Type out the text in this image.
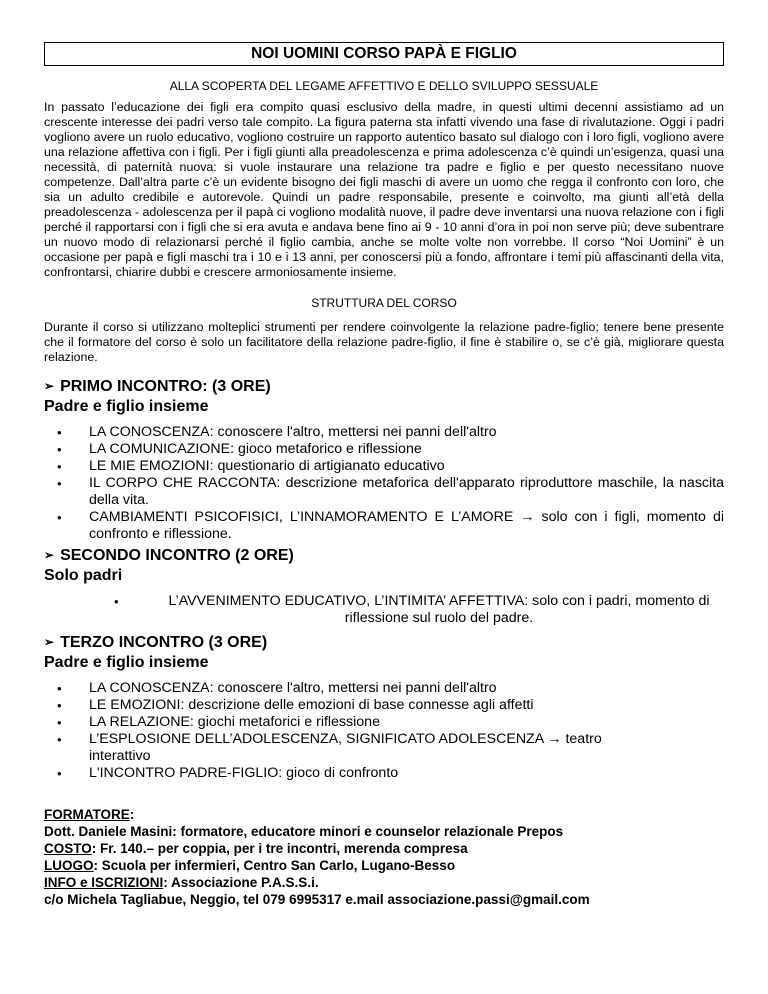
NOI UOMINI CORSO PAPÀ E FIGLIO
ALLA SCOPERTA DEL LEGAME AFFETTIVO E DELLO SVILUPPO SESSUALE
In passato l’educazione dei figli era compito quasi esclusivo della madre, in questi ultimi decenni assistiamo ad un crescente interesse dei padri verso tale compito. La figura paterna sta infatti vivendo una fase di rivalutazione. Oggi i padri vogliono avere un ruolo educativo, vogliono costruire un rapporto autentico basato sul dialogo con i loro figli, vogliono avere una relazione affettiva con i figli. Per i figli giunti alla preadolescenza e prima adolescenza c’è quindi un’esigenza, quasi una necessità, di paternità nuova: si vuole instaurare una relazione tra padre e figlio e per questo necessitano nuove competenze. Dall’altra parte c’è un evidente bisogno dei figli maschi di avere un uomo che regga il confronto con loro, che sia un adulto credibile e autorevole. Quindi un padre responsabile, presente e coinvolto, ma giunti all’età della preadolescenza - adolescenza per il papà ci vogliono modalità nuove, il padre deve inventarsi una nuova relazione con i figli perché il rapportarsi con i figli che si era avuta e andava bene fino ai 9 - 10 anni d’ora in poi non serve più; deve subentrare un nuovo modo di relazionarsi perché il figlio cambia, anche se molte volte non vorrebbe. Il corso “Noi Uomini” è un occasione per papà e figli maschi tra i 10 e i 13 anni, per conoscersi più a fondo, affrontare i temi più affascinanti della vita, confrontarsi, chiarire dubbi e crescere armoniosamente insieme.
STRUTTURA DEL CORSO
Durante il corso si utilizzano molteplici strumenti per rendere coinvolgente la relazione padre-figlio; tenere bene presente che il formatore del corso è solo un facilitatore della relazione padre-figlio, il fine è stabilire o, se c’è già, migliorare questa relazione.
➢ PRIMO INCONTRO: (3 ORE)
Padre e figlio insieme
• LA CONOSCENZA: conoscere l'altro, mettersi nei panni dell'altro
• LA COMUNICAZIONE: gioco metaforico e riflessione
• LE MIE EMOZIONI: questionario di artigianato educativo
• IL CORPO CHE RACCONTA: descrizione metaforica dell'apparato riproduttore maschile, la nascita della vita.
• CAMBIAMENTI PSICOFISICI, L’INNAMORAMENTO E L’AMORE → solo con i figli, momento di confronto e riflessione.
➢ SECONDO INCONTRO (2 ORE)
Solo padri
• L’AVVENIMENTO EDUCATIVO, L’INTIMITA’ AFFETTIVA: solo con i padri, momento di riflessione sul ruolo del padre.
➢ TERZO INCONTRO (3 ORE)
Padre e figlio insieme
• LA CONOSCENZA: conoscere l'altro, mettersi nei panni dell'altro
• LE EMOZIONI: descrizione delle emozioni di base connesse agli affetti
• LA RELAZIONE: giochi metaforici e riflessione
• L’ESPLOSIONE DELL’ADOLESCENZA, SIGNIFICATO ADOLESCENZA → teatro interattivo
• L'INCONTRO PADRE-FIGLIO: gioco di confronto
FORMATORE:
Dott. Daniele Masini: formatore, educatore minori e counselor relazionale Prepos
COSTO: Fr. 140.– per coppia, per i tre incontri, merenda compresa
LUOGO: Scuola per infermieri, Centro San Carlo, Lugano-Besso
INFO e ISCRIZIONI: Associazione P.A.S.S.i.
c/o Michela Tagliabue, Neggio, tel 079 6995317 e.mail associazione.passi@gmail.com
